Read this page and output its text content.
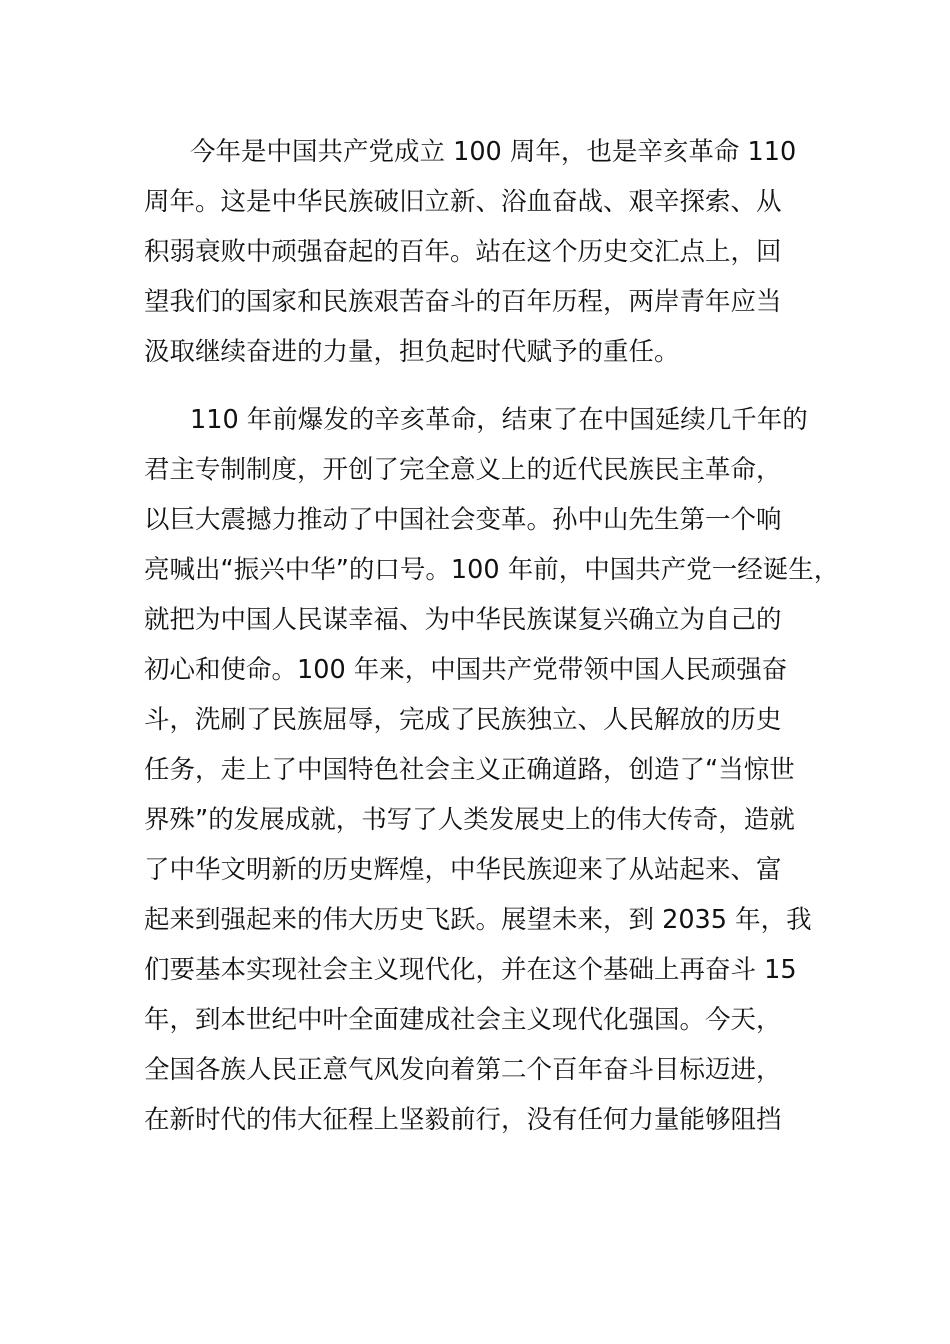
今年是中国共产党成立 100 周年，也是辛亥革命 110
周年。这是中华民族破旧立新、浴血奋战、艰辛探索、从
积弱衰败中顽强奋起的百年。站在这个历史交汇点上，回
望我们的国家和民族艰苦奋斗的百年历程，两岸青年应当
汲取继续奋进的力量，担负起时代赋予的重任。

110 年前爆发的辛亥革命，结束了在中国延续几千年的
君主专制制度，开创了完全意义上的近代民族民主革命，
以巨大震撼力推动了中国社会变革。孙中山先生第一个响
亮喊出“振兴中华”的口号。100 年前，中国共产党一经诞生，
就把为中国人民谋幸福、为中华民族谋复兴确立为自己的
初心和使命。100 年来，中国共产党带领中国人民顽强奋
斗，洗刷了民族屈辱，完成了民族独立、人民解放的历史
任务，走上了中国特色社会主义正确道路，创造了“当惊世
界殊”的发展成就，书写了人类发展史上的伟大传奇，造就
了中华文明新的历史辉煌，中华民族迎来了从站起来、富
起来到强起来的伟大历史飞跃。展望未来，到 2035 年，我
们要基本实现社会主义现代化，并在这个基础上再奋斗 15
年，到本世纪中叶全面建成社会主义现代化强国。今天，
全国各族人民正意气风发向着第二个百年奋斗目标迈进，
在新时代的伟大征程上坚毅前行，没有任何力量能够阻挡
